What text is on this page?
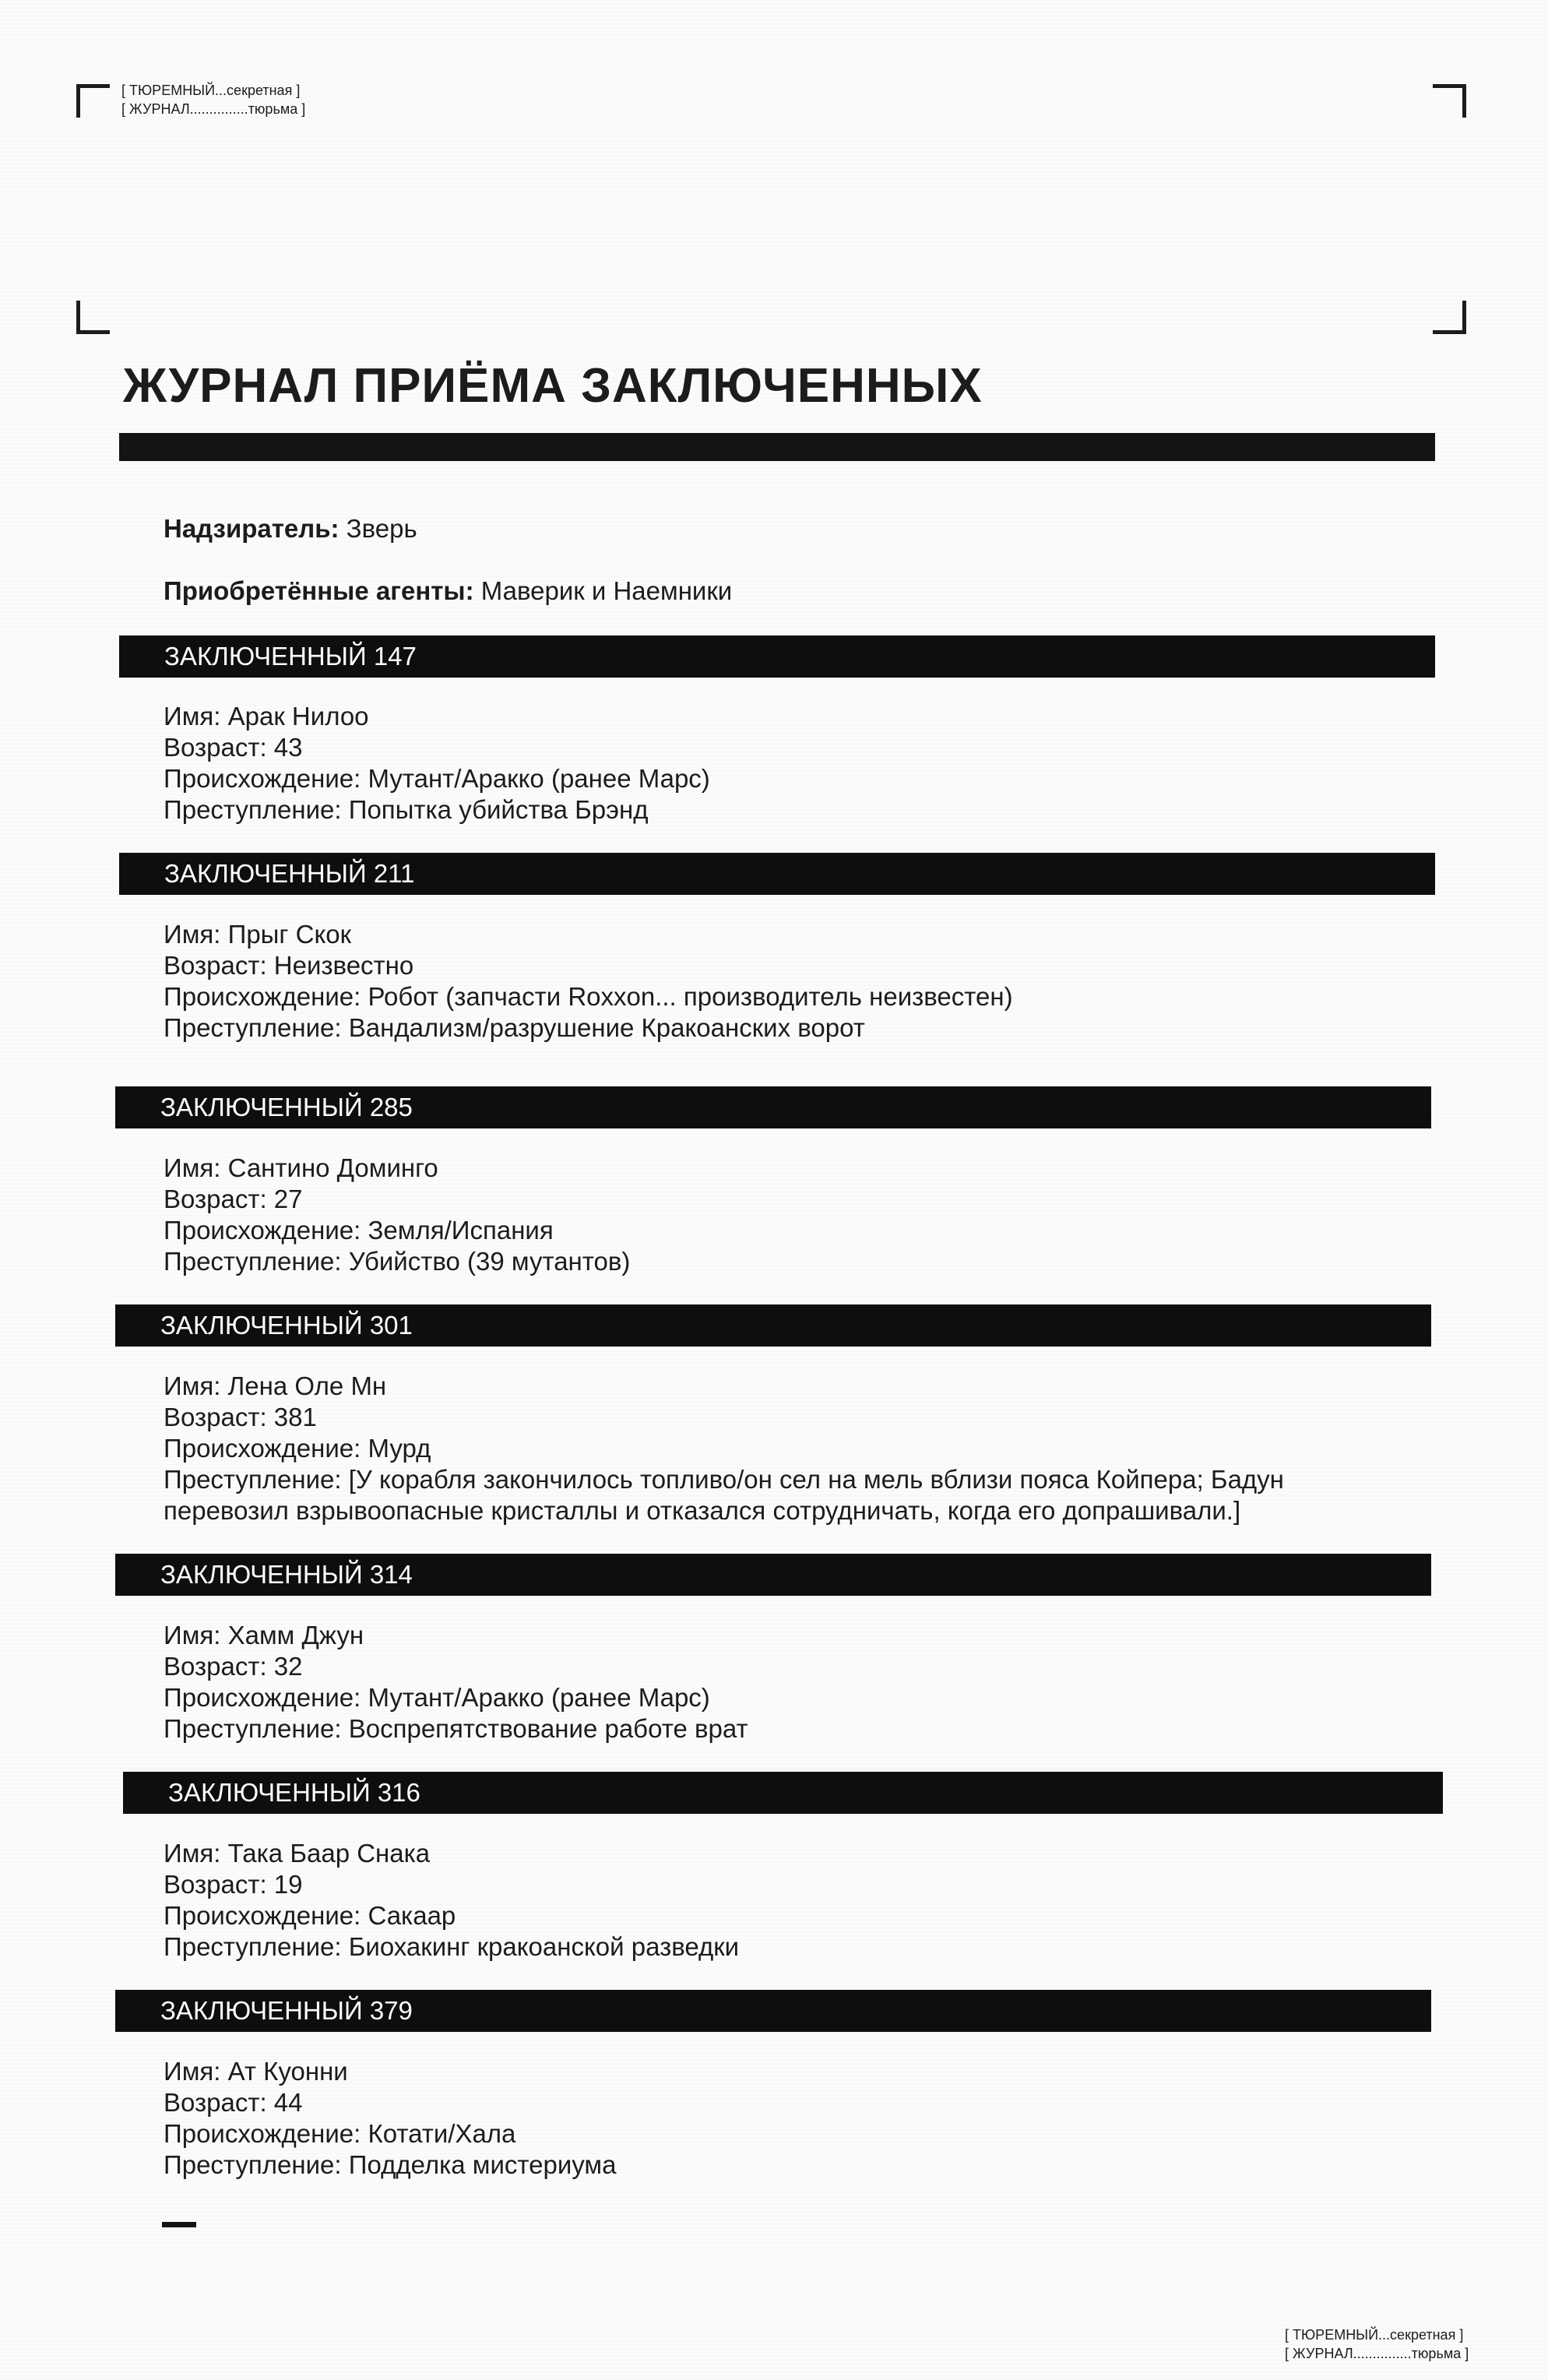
[ ТЮРЕМНЫЙ...секретная ]
[ ЖУРНАЛ...............тюрьма ]
ЖУРНАЛ ПРИЁМА ЗАКЛЮЧЕННЫХ
Надзиратель: Зверь
Приобретённые агенты: Маверик и Наемники
ЗАКЛЮЧЕННЫЙ 147
Имя: Арак Нилоо
Возраст: 43
Происхождение: Мутант/Аракко (ранее Марс)
Преступление: Попытка убийства Брэнд
ЗАКЛЮЧЕННЫЙ 211
Имя: Прыг Скок
Возраст: Неизвестно
Происхождение: Робот (запчасти Roxxon... производитель неизвестен)
Преступление: Вандализм/разрушение Кракоанских ворот
ЗАКЛЮЧЕННЫЙ 285
Имя: Сантино Доминго
Возраст: 27
Происхождение: Земля/Испания
Преступление: Убийство (39 мутантов)
ЗАКЛЮЧЕННЫЙ 301
Имя: Лена Оле Мн
Возраст: 381
Происхождение: Мурд
Преступление: [У корабля закончилось топливо/он сел на мель вблизи пояса Койпера; Бадун
перевозил взрывоопасные кристаллы и отказался сотрудничать, когда его допрашивали.]
ЗАКЛЮЧЕННЫЙ 314
Имя: Хамм Джун
Возраст: 32
Происхождение: Мутант/Аракко (ранее Марс)
Преступление: Воспрепятствование работе врат
ЗАКЛЮЧЕННЫЙ 316
Имя: Така Баар Снака
Возраст: 19
Происхождение: Сакаар
Преступление: Биохакинг кракоанской разведки
ЗАКЛЮЧЕННЫЙ 379
Имя: Ат Куонни
Возраст: 44
Происхождение: Котати/Хала
Преступление: Подделка мистериума
[ ТЮРЕМНЫЙ...секретная ]
[ ЖУРНАЛ...............тюрьма ]
